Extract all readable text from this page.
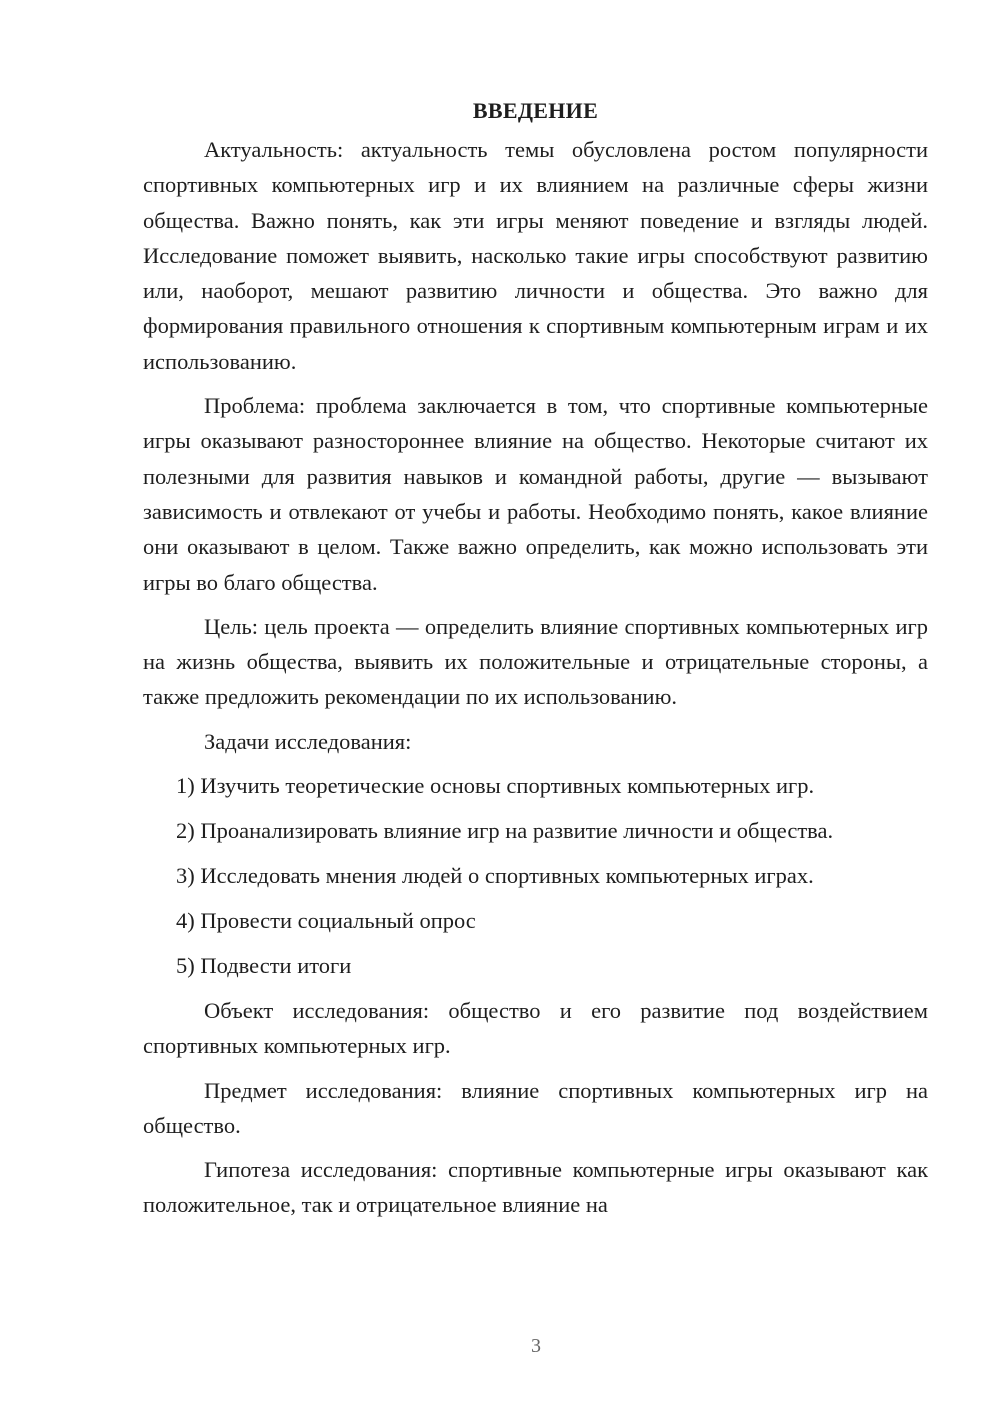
ВВЕДЕНИЕ

Актуальность: актуальность темы обусловлена ростом популярности спортивных компьютерных игр и их влиянием на различные сферы жизни общества. Важно понять, как эти игры меняют поведение и взгляды людей. Исследование поможет выявить, насколько такие игры способствуют развитию или, наоборот, мешают развитию личности и общества. Это важно для формирования правильного отношения к спортивным компьютерным играм и их использованию.

Проблема: проблема заключается в том, что спортивные компьютерные игры оказывают разностороннее влияние на общество. Некоторые считают их полезными для развития навыков и командной работы, другие — вызывают зависимость и отвлекают от учебы и работы. Необходимо понять, какое влияние они оказывают в целом. Также важно определить, как можно использовать эти игры во благо общества.

Цель: цель проекта — определить влияние спортивных компьютерных игр на жизнь общества, выявить их положительные и отрицательные стороны, а также предложить рекомендации по их использованию.

Задачи исследования:

1) Изучить теоретические основы спортивных компьютерных игр.

2) Проанализировать влияние игр на развитие личности и общества.

3) Исследовать мнения людей о спортивных компьютерных играх.

4) Провести социальный опрос

5) Подвести итоги

Объект исследования: общество и его развитие под воздействием спортивных компьютерных игр.

Предмет исследования: влияние спортивных компьютерных игр на общество.

Гипотеза исследования: спортивные компьютерные игры оказывают как положительное, так и отрицательное влияние на

3
